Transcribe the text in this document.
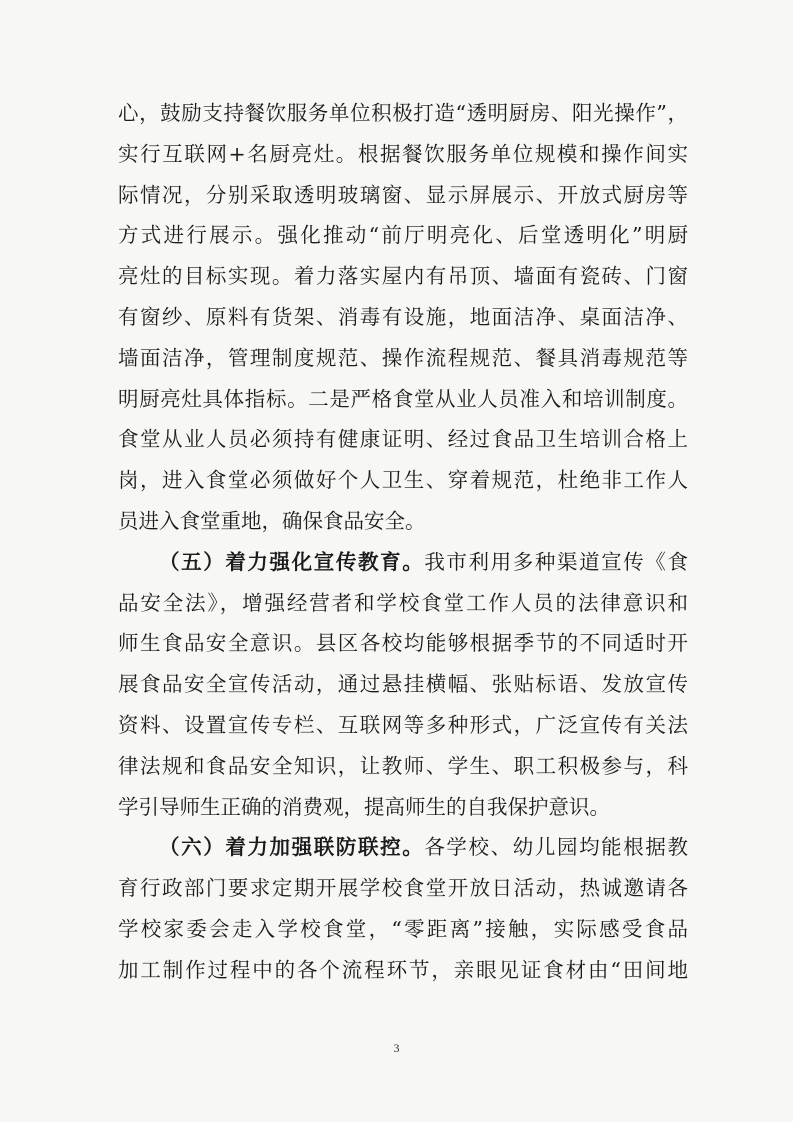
心，鼓励支持餐饮服务单位积极打造“透明厨房、阳光操作”，
实行互联网+名厨亮灶。根据餐饮服务单位规模和操作间实
际情况，分别采取透明玻璃窗、显示屏展示、开放式厨房等
方式进行展示。强化推动“前厅明亮化、后堂透明化”明厨
亮灶的目标实现。着力落实屋内有吊顶、墙面有瓷砖、门窗
有窗纱、原料有货架、消毒有设施，地面洁净、桌面洁净、
墙面洁净，管理制度规范、操作流程规范、餐具消毒规范等
明厨亮灶具体指标。二是严格食堂从业人员准入和培训制度。
食堂从业人员必须持有健康证明、经过食品卫生培训合格上
岗，进入食堂必须做好个人卫生、穿着规范，杜绝非工作人
员进入食堂重地，确保食品安全。
（五）着力强化宣传教育。我市利用多种渠道宣传《食
品安全法》，增强经营者和学校食堂工作人员的法律意识和
师生食品安全意识。县区各校均能够根据季节的不同适时开
展食品安全宣传活动，通过悬挂横幅、张贴标语、发放宣传
资料、设置宣传专栏、互联网等多种形式，广泛宣传有关法
律法规和食品安全知识，让教师、学生、职工积极参与，科
学引导师生正确的消费观，提高师生的自我保护意识。
（六）着力加强联防联控。各学校、幼儿园均能根据教
育行政部门要求定期开展学校食堂开放日活动，热诚邀请各
学校家委会走入学校食堂，“零距离”接触，实际感受食品
加工制作过程中的各个流程环节，亲眼见证食材由“田间地
3
